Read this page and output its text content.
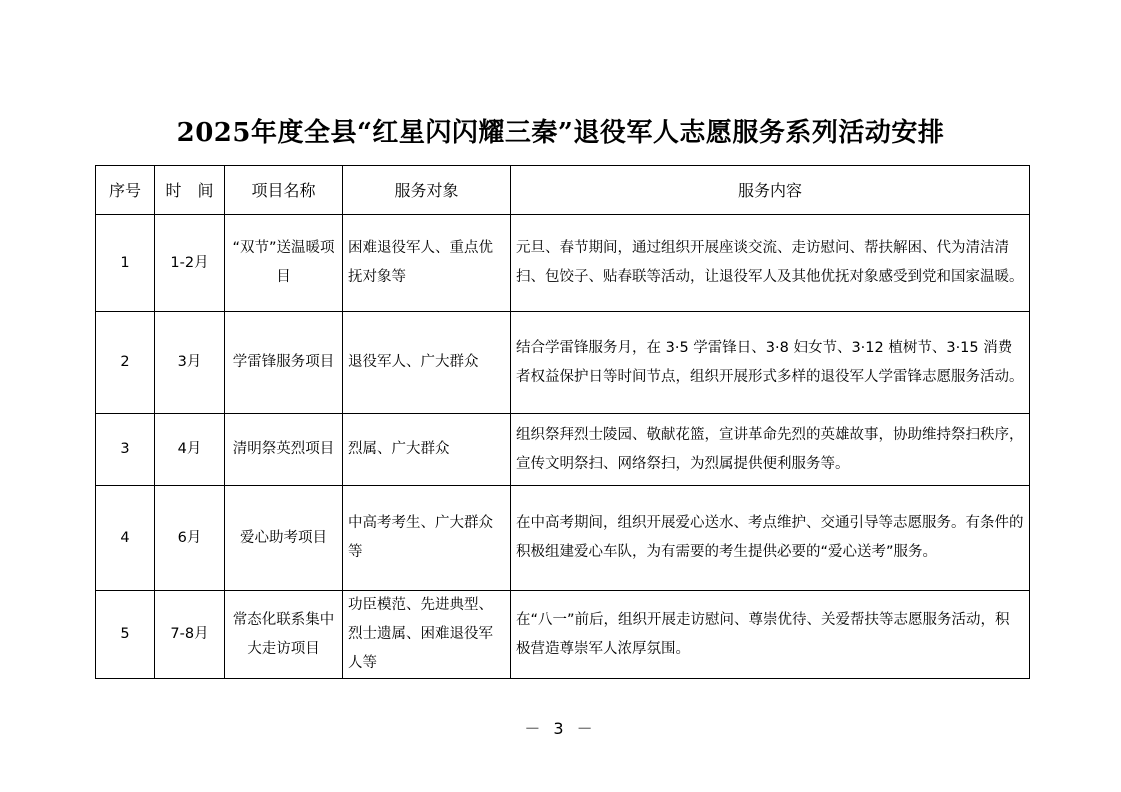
2025年度全县“红星闪闪耀三秦”退役军人志愿服务系列活动安排
序号	时　间	项目名称	服务对象	服务内容
1	1-2月	“双节”送温暖项目	困难退役军人、重点优抚对象等	元旦、春节期间，通过组织开展座谈交流、走访慰问、帮扶解困、代为清洁清扫、包饺子、贴春联等活动，让退役军人及其他优抚对象感受到党和国家温暖。
2	3月	学雷锋服务项目	退役军人、广大群众	结合学雷锋服务月，在 3·5 学雷锋日、3·8 妇女节、3·12 植树节、3·15 消费者权益保护日等时间节点，组织开展形式多样的退役军人学雷锋志愿服务活动。
3	4月	清明祭英烈项目	烈属、广大群众	组织祭拜烈士陵园、敬献花篮，宣讲革命先烈的英雄故事，协助维持祭扫秩序，宣传文明祭扫、网络祭扫，为烈属提供便利服务等。
4	6月	爱心助考项目	中高考考生、广大群众等	在中高考期间，组织开展爱心送水、考点维护、交通引导等志愿服务。有条件的积极组建爱心车队，为有需要的考生提供必要的“爱心送考”服务。
5	7-8月	常态化联系集中大走访项目	功臣模范、先进典型、烈士遗属、困难退役军人等	在“八一”前后，组织开展走访慰问、尊崇优待、关爱帮扶等志愿服务活动，积极营造尊崇军人浓厚氛围。
－ 3 －
